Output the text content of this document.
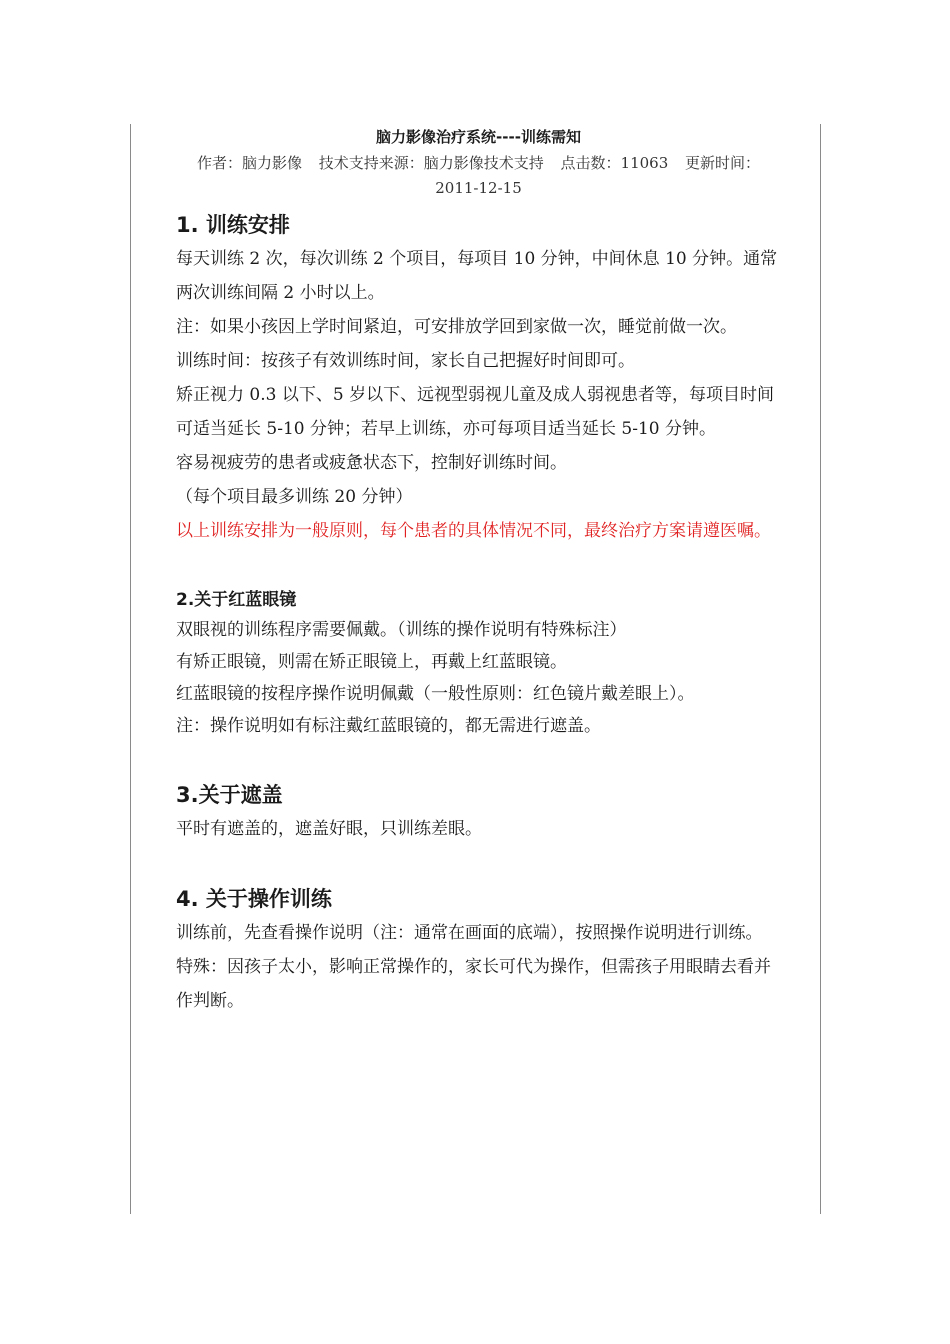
脑力影像治疗系统----训练需知
作者：脑力影像 技术支持来源：脑力影像技术支持 点击数：11063 更新时间：
2011-12-15
1. 训练安排

每天训练 2 次，每次训练 2 个项目，每项目 10 分钟，中间休息 10 分钟。通常两次训练间隔 2 小时以上。

注：如果小孩因上学时间紧迫，可安排放学回到家做一次，睡觉前做一次。

训练时间：按孩子有效训练时间，家长自己把握好时间即可。

矫正视力 0.3 以下、5 岁以下、远视型弱视儿童及成人弱视患者等，每项目时间可适当延长 5-10 分钟；若早上训练，亦可每项目适当延长 5-10 分钟。

容易视疲劳的患者或疲惫状态下，控制好训练时间。

（每个项目最多训练 20 分钟）

以上训练安排为一般原则，每个患者的具体情况不同，最终治疗方案请遵医嘱。

2.关于红蓝眼镜

双眼视的训练程序需要佩戴。（训练的操作说明有特殊标注）

有矫正眼镜，则需在矫正眼镜上，再戴上红蓝眼镜。

红蓝眼镜的按程序操作说明佩戴（一般性原则：红色镜片戴差眼上）。

注：操作说明如有标注戴红蓝眼镜的，都无需进行遮盖。

3.关于遮盖

平时有遮盖的，遮盖好眼，只训练差眼。

4. 关于操作训练

训练前，先查看操作说明（注：通常在画面的底端），按照操作说明进行训练。

特殊：因孩子太小，影响正常操作的，家长可代为操作，但需孩子用眼睛去看并作判断。
